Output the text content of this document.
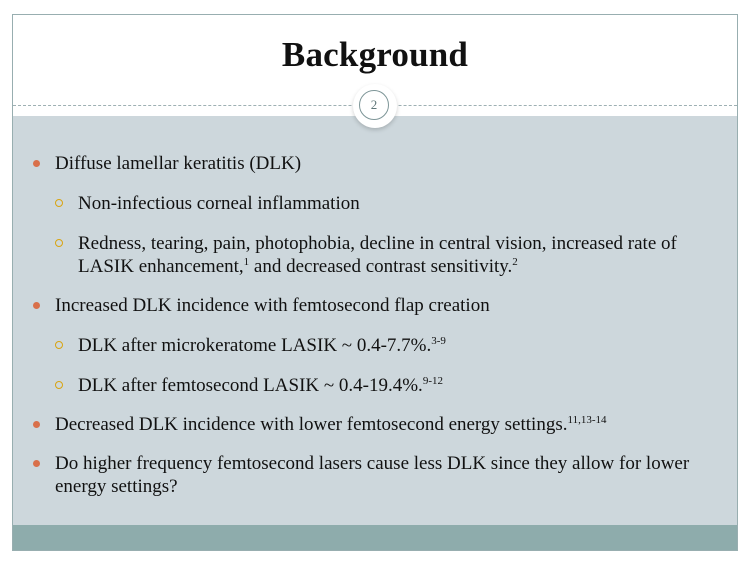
Background
2
Diffuse lamellar keratitis (DLK)
Non-infectious corneal inflammation
Redness, tearing, pain, photophobia, decline in central vision, increased rate of LASIK enhancement,$^1$ and decreased contrast sensitivity.$^2$
Increased DLK incidence with femtosecond flap creation
DLK after microkeratome LASIK ~ 0.4-7.7%.$^{3-9}$
DLK after femtosecond LASIK ~ 0.4-19.4%.$^{9-12}$
Decreased DLK incidence with lower femtosecond energy settings.$^{11,13-14}$
Do higher frequency femtosecond lasers cause less DLK since they allow for lower energy settings?
